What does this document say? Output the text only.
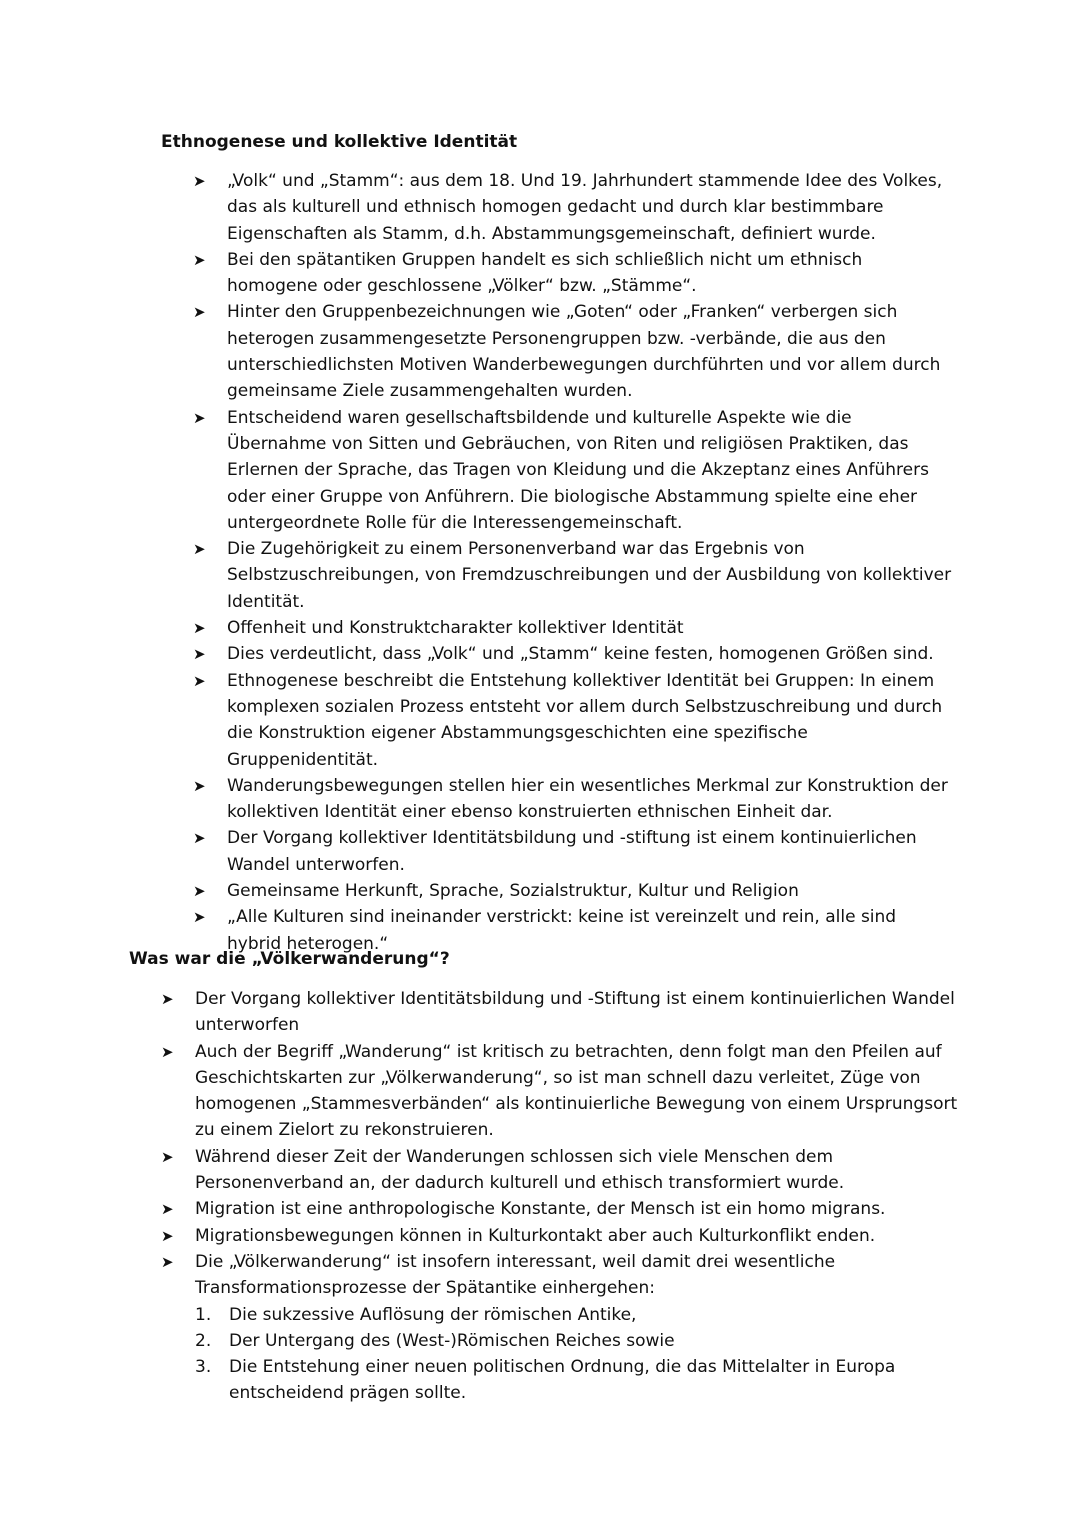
Ethnogenese und kollektive Identität
➤	„Volk“ und „Stamm“: aus dem 18. Und 19. Jahrhundert stammende Idee des Volkes, das als kulturell und ethnisch homogen gedacht und durch klar bestimmbare Eigenschaften als Stamm, d.h. Abstammungsgemeinschaft, definiert wurde.
➤	Bei den spätantiken Gruppen handelt es sich schließlich nicht um ethnisch homogene oder geschlossene „Völker“ bzw. „Stämme“.
➤	Hinter den Gruppenbezeichnungen wie „Goten“ oder „Franken“ verbergen sich heterogen zusammengesetzte Personengruppen bzw. -verbände, die aus den unterschiedlichsten Motiven Wanderbewegungen durchführten und vor allem durch gemeinsame Ziele zusammengehalten wurden.
➤	Entscheidend waren gesellschaftsbildende und kulturelle Aspekte wie die Übernahme von Sitten und Gebräuchen, von Riten und religiösen Praktiken, das Erlernen der Sprache, das Tragen von Kleidung und die Akzeptanz eines Anführers oder einer Gruppe von Anführern. Die biologische Abstammung spielte eine eher untergeordnete Rolle für die Interessengemeinschaft.
➤	Die Zugehörigkeit zu einem Personenverband war das Ergebnis von Selbstzuschreibungen, von Fremdzuschreibungen und der Ausbildung von kollektiver Identität.
➤	Offenheit und Konstruktcharakter kollektiver Identität
➤	Dies verdeutlicht, dass „Volk“ und „Stamm“ keine festen, homogenen Größen sind.
➤	Ethnogenese beschreibt die Entstehung kollektiver Identität bei Gruppen: In einem komplexen sozialen Prozess entsteht vor allem durch Selbstzuschreibung und durch die Konstruktion eigener Abstammungsgeschichten eine spezifische Gruppenidentität.
➤	Wanderungsbewegungen stellen hier ein wesentliches Merkmal zur Konstruktion der kollektiven Identität einer ebenso konstruierten ethnischen Einheit dar.
➤	Der Vorgang kollektiver Identitätsbildung und -stiftung ist einem kontinuierlichen Wandel unterworfen.
➤	Gemeinsame Herkunft, Sprache, Sozialstruktur, Kultur und Religion
➤	„Alle Kulturen sind ineinander verstrickt: keine ist vereinzelt und rein, alle sind hybrid heterogen.“
Was war die „Völkerwanderung“?
➤	Der Vorgang kollektiver Identitätsbildung und -Stiftung ist einem kontinuierlichen Wandel unterworfen
➤	Auch der Begriff „Wanderung“ ist kritisch zu betrachten, denn folgt man den Pfeilen auf Geschichtskarten zur „Völkerwanderung“, so ist man schnell dazu verleitet, Züge von homogenen „Stammesverbänden“ als kontinuierliche Bewegung von einem Ursprungsort zu einem Zielort zu rekonstruieren.
➤	Während dieser Zeit der Wanderungen schlossen sich viele Menschen dem Personenverband an, der dadurch kulturell und ethisch transformiert wurde.
➤	Migration ist eine anthropologische Konstante, der Mensch ist ein homo migrans.
➤	Migrationsbewegungen können in Kulturkontakt aber auch Kulturkonflikt enden.
➤	Die „Völkerwanderung“ ist insofern interessant, weil damit drei wesentliche Transformationsprozesse der Spätantike einhergehen:
1. Die sukzessive Auflösung der römischen Antike,
2. Der Untergang des (West-)Römischen Reiches sowie
3. Die Entstehung einer neuen politischen Ordnung, die das Mittelalter in Europa entscheidend prägen sollte.
